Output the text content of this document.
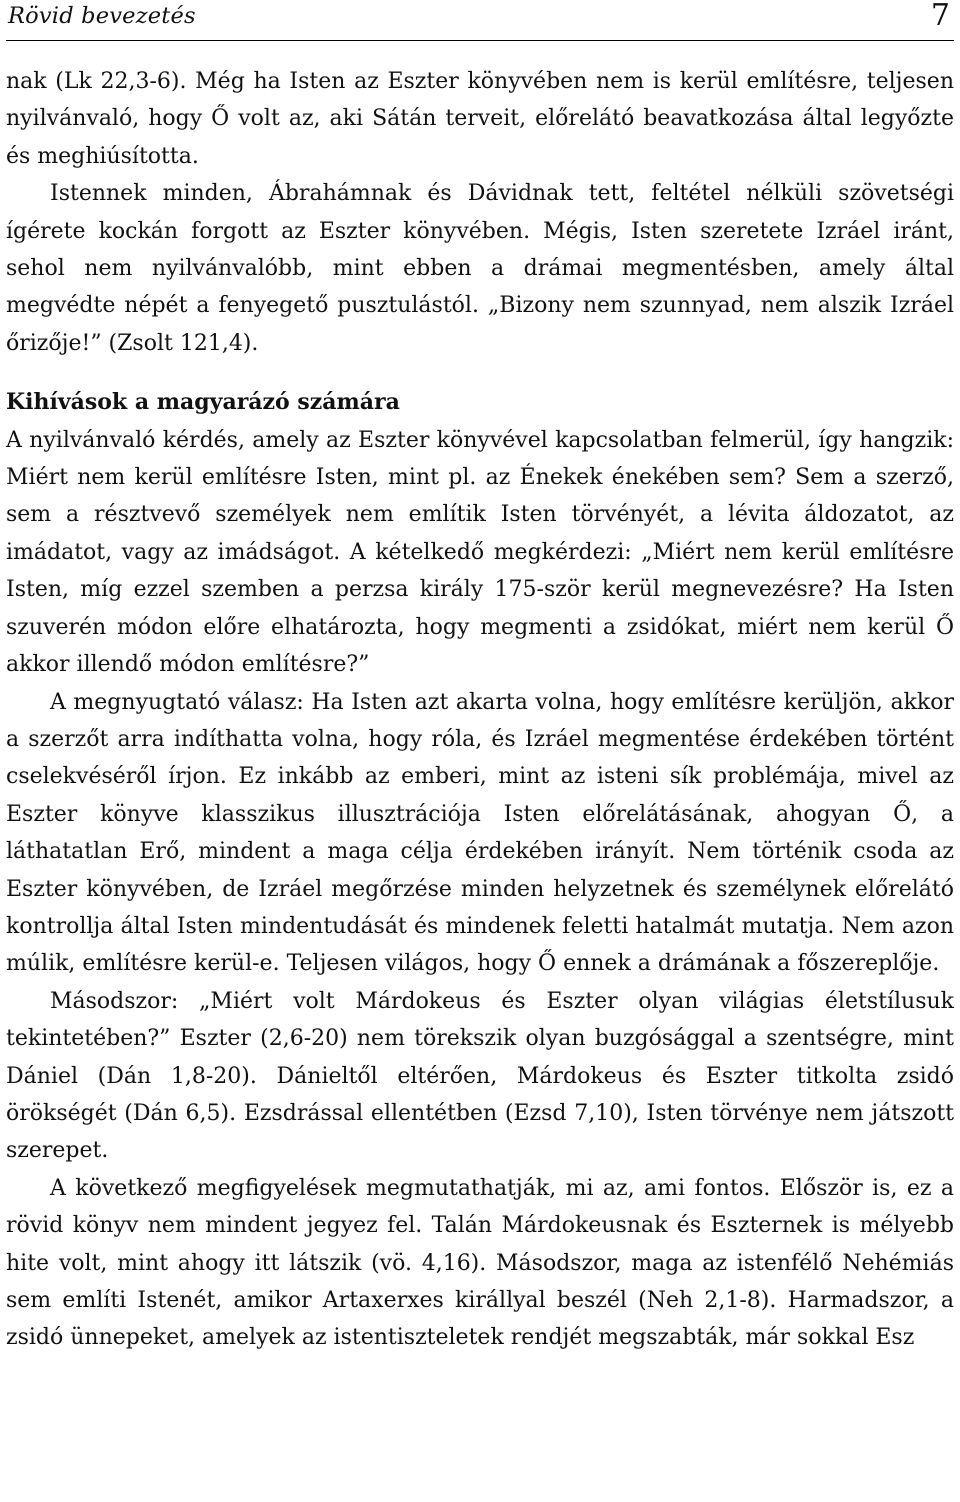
Rövid bevezetés	7

nak (Lk 22,3-6). Még ha Isten az Eszter könyvében nem is kerül említésre, teljesen nyilvánvaló, hogy Ő volt az, aki Sátán terveit, előrelátó beavatkozása által legyőzte és meghiúsította.

Istennek minden, Ábrahámnak és Dávidnak tett, feltétel nélküli szövetségi ígérete kockán forgott az Eszter könyvében. Mégis, Isten szeretete Izráel iránt, sehol nem nyilvánvalóbb, mint ebben a drámai megmentésben, amely által megvédte népét a fenyegető pusztulástól. „Bizony nem szunnyad, nem alszik Izráel őrizője!” (Zsolt 121,4).

Kihívások a magyarázó számára

A nyilvánvaló kérdés, amely az Eszter könyvével kapcsolatban felmerül, így hangzik: Miért nem kerül említésre Isten, mint pl. az Énekek énekében sem? Sem a szerző, sem a résztvevő személyek nem említik Isten törvényét, a lévita áldozatot, az imádatot, vagy az imádságot. A kételkedő megkérdezi: „Miért nem kerül említésre Isten, míg ezzel szemben a perzsa király 175-ször kerül megnevezésre? Ha Isten szuverén módon előre elhatározta, hogy megmenti a zsidókat, miért nem kerül Ő akkor illendő módon említésre?”

A megnyugtató válasz: Ha Isten azt akarta volna, hogy említésre kerüljön, akkor a szerzőt arra indíthatta volna, hogy róla, és Izráel megmentése érdekében történt cselekvéséről írjon. Ez inkább az emberi, mint az isteni sík problémája, mivel az Eszter könyve klasszikus illusztrációja Isten előrelátásának, ahogyan Ő, a láthatatlan Erő, mindent a maga célja érdekében irányít. Nem történik csoda az Eszter könyvében, de Izráel megőrzése minden helyzetnek és személynek előrelátó kontrollja által Isten mindentudását és mindenek feletti hatalmát mutatja. Nem azon múlik, említésre kerül-e. Teljesen világos, hogy Ő ennek a drámának a főszereplője.

Másodszor: „Miért volt Márdokeus és Eszter olyan világias életstílusuk tekintetében?” Eszter (2,6-20) nem törekszik olyan buzgósággal a szentségre, mint Dániel (Dán 1,8-20). Dánieltől eltérően, Márdokeus és Eszter titkolta zsidó örökségét (Dán 6,5). Ezsdrással ellentétben (Ezsd 7,10), Isten törvénye nem játszott szerepet.

A következő megfigyelések megmutathatják, mi az, ami fontos. Először is, ez a rövid könyv nem mindent jegyez fel. Talán Márdokeusnak és Eszternek is mélyebb hite volt, mint ahogy itt látszik (vö. 4,16). Másodszor, maga az istenfélő Nehémiás sem említi Istenét, amikor Artaxerxes királlyal beszél (Neh 2,1-8). Harmadszor, a zsidó ünnepeket, amelyek az istentiszteletek rendjét megszabták, már sokkal Esz
